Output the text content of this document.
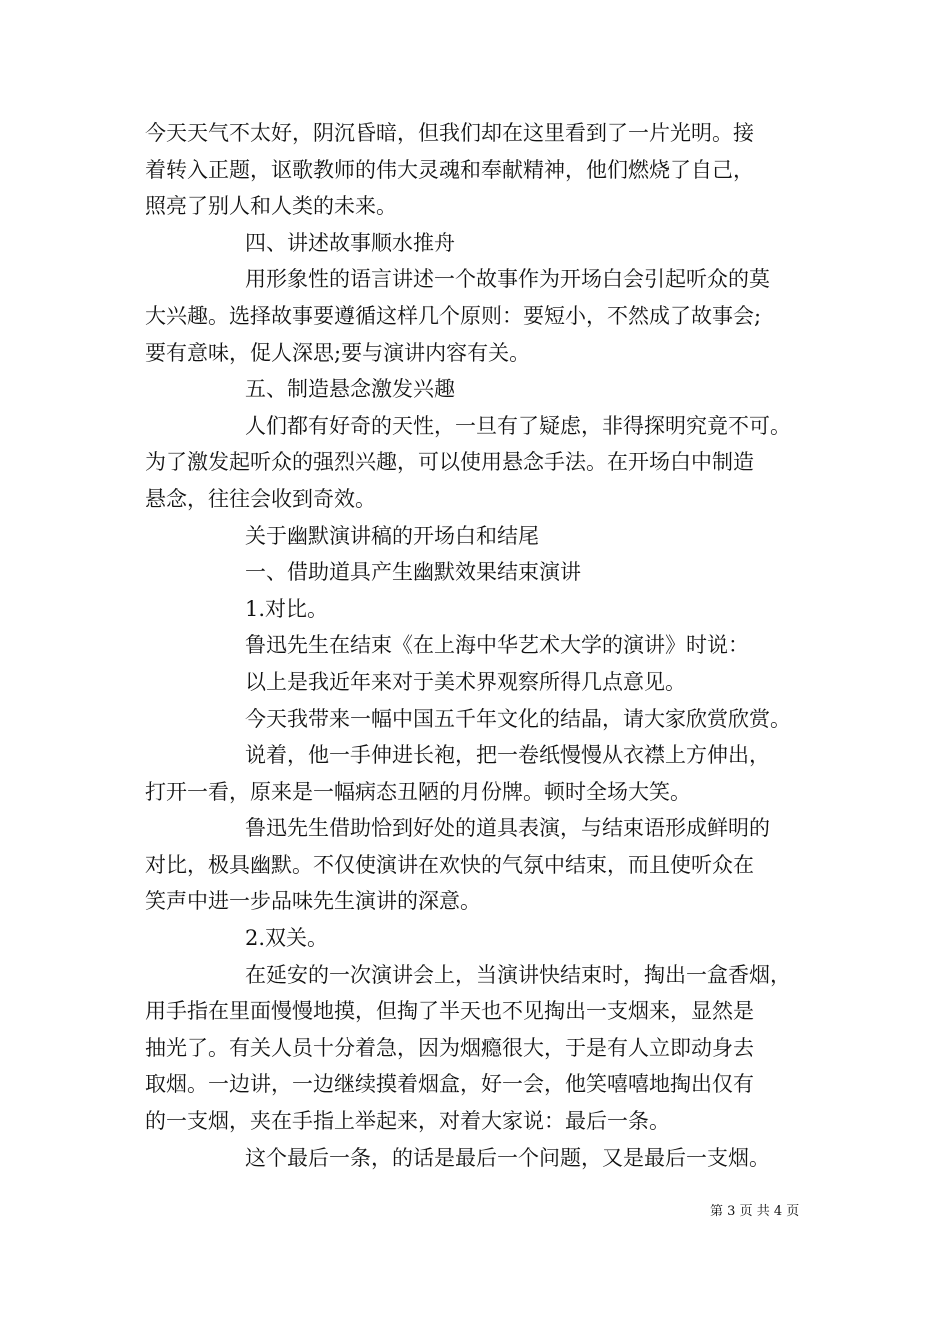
今天天气不太好，阴沉昏暗，但我们却在这里看到了一片光明。接

着转入正题，讴歌教师的伟大灵魂和奉献精神，他们燃烧了自己，

照亮了别人和人类的未来。

四、讲述故事顺水推舟

用形象性的语言讲述一个故事作为开场白会引起听众的莫

大兴趣。选择故事要遵循这样几个原则：要短小，不然成了故事会;

要有意味，促人深思;要与演讲内容有关。

五、制造悬念激发兴趣

人们都有好奇的天性，一旦有了疑虑，非得探明究竟不可。

为了激发起听众的强烈兴趣，可以使用悬念手法。在开场白中制造

悬念，往往会收到奇效。

关于幽默演讲稿的开场白和结尾

一、借助道具产生幽默效果结束演讲

1.对比。

鲁迅先生在结束《在上海中华艺术大学的演讲》时说：

以上是我近年来对于美术界观察所得几点意见。

今天我带来一幅中国五千年文化的结晶，请大家欣赏欣赏。

说着，他一手伸进长袍，把一卷纸慢慢从衣襟上方伸出，

打开一看，原来是一幅病态丑陋的月份牌。顿时全场大笑。

鲁迅先生借助恰到好处的道具表演，与结束语形成鲜明的

对比，极具幽默。不仅使演讲在欢快的气氛中结束，而且使听众在

笑声中进一步品味先生演讲的深意。

2.双关。

在延安的一次演讲会上，当演讲快结束时，掏出一盒香烟，

用手指在里面慢慢地摸，但掏了半天也不见掏出一支烟来，显然是

抽光了。有关人员十分着急，因为烟瘾很大，于是有人立即动身去

取烟。一边讲，一边继续摸着烟盒，好一会，他笑嘻嘻地掏出仅有

的一支烟，夹在手指上举起来，对着大家说：最后一条。

这个最后一条，的话是最后一个问题，又是最后一支烟。

第 3 页 共 4 页
